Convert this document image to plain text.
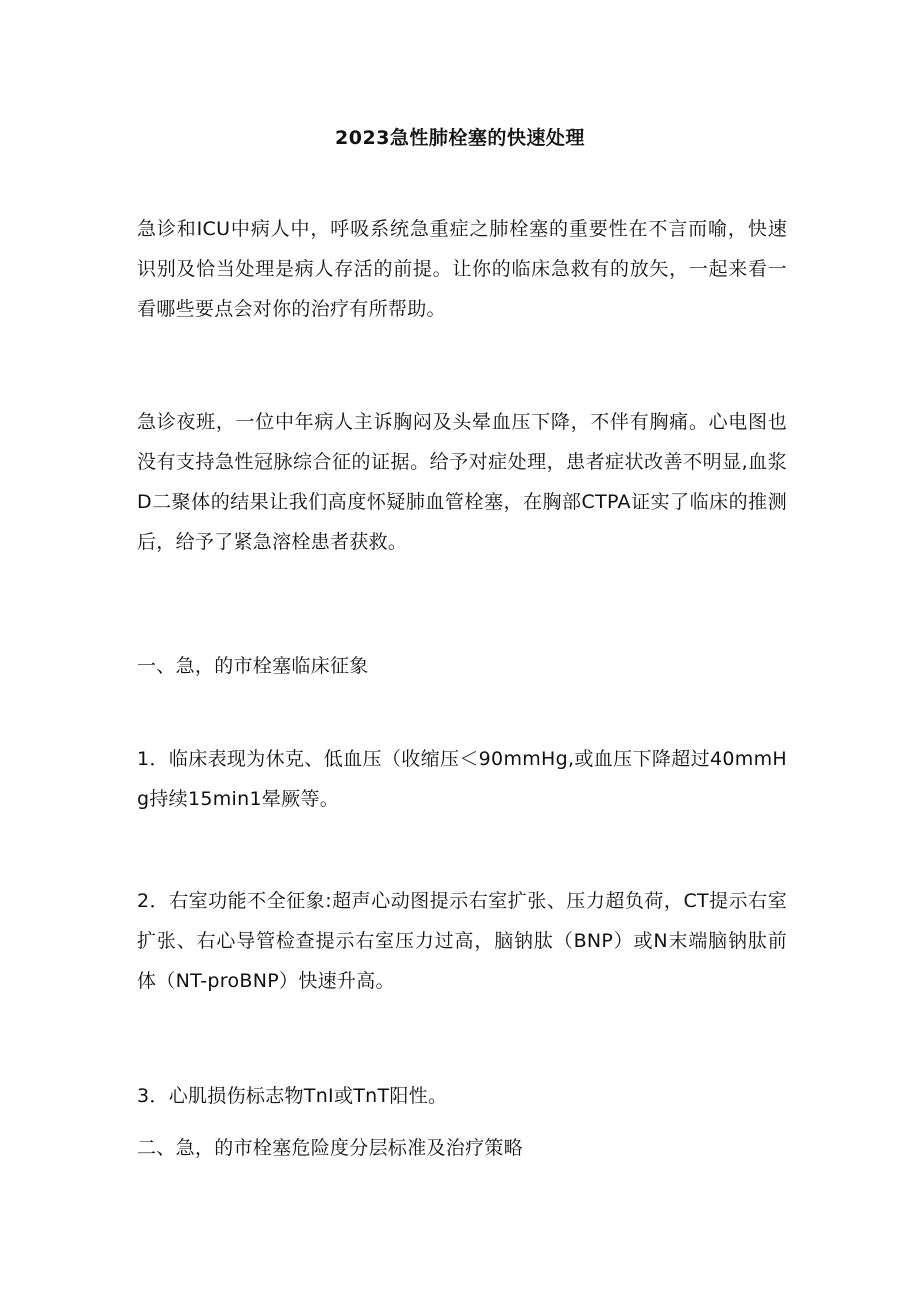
2023急性肺栓塞的快速处理

急诊和ICU中病人中，呼吸系统急重症之肺栓塞的重要性在不言而喻，快速识别及恰当处理是病人存活的前提。让你的临床急救有的放矢，一起来看一看哪些要点会对你的治疗有所帮助。

急诊夜班，一位中年病人主诉胸闷及头晕血压下降，不伴有胸痛。心电图也没有支持急性冠脉综合征的证据。给予对症处理，患者症状改善不明显,血浆D二聚体的结果让我们高度怀疑肺血管栓塞，在胸部CTPA证实了临床的推测后，给予了紧急溶栓患者获救。

一、急，的市栓塞临床征象

1．临床表现为休克、低血压（收缩压＜90mmHg,或血压下降超过40mmHg持续15min1晕厥等。

2．右室功能不全征象:超声心动图提示右室扩张、压力超负荷，CT提示右室扩张、右心导管检查提示右室压力过高，脑钠肽（BNP）或N末端脑钠肽前体（NT-proBNP）快速升高。

3．心肌损伤标志物TnI或TnT阳性。

二、急，的市栓塞危险度分层标准及治疗策略
